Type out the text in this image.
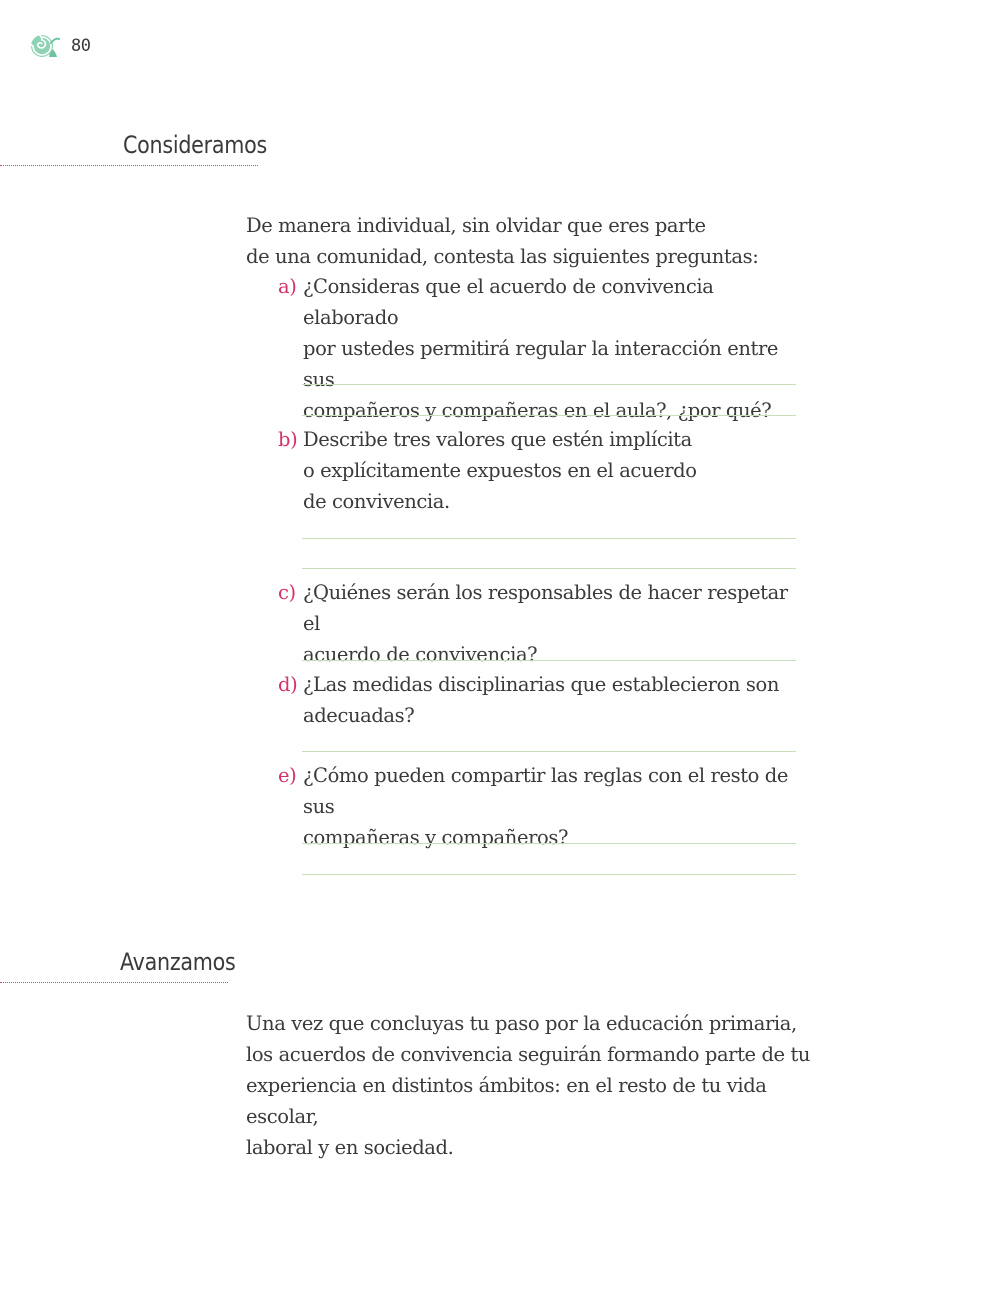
80
Consideramos
De manera individual, sin olvidar que eres parte
de una comunidad, contesta las siguientes preguntas:
a) ¿Consideras que el acuerdo de convivencia elaborado
por ustedes permitirá regular la interacción entre sus
compañeros y compañeras en el aula?, ¿por qué?
b) Describe tres valores que estén implícita
o explícitamente expuestos en el acuerdo
de convivencia.
c) ¿Quiénes serán los responsables de hacer respetar el
acuerdo de convivencia?
d) ¿Las medidas disciplinarias que establecieron son
adecuadas?
e) ¿Cómo pueden compartir las reglas con el resto de sus
compañeras y compañeros?
Avanzamos
Una vez que concluyas tu paso por la educación primaria,
los acuerdos de convivencia seguirán formando parte de tu
experiencia en distintos ámbitos: en el resto de tu vida escolar,
laboral y en sociedad.
